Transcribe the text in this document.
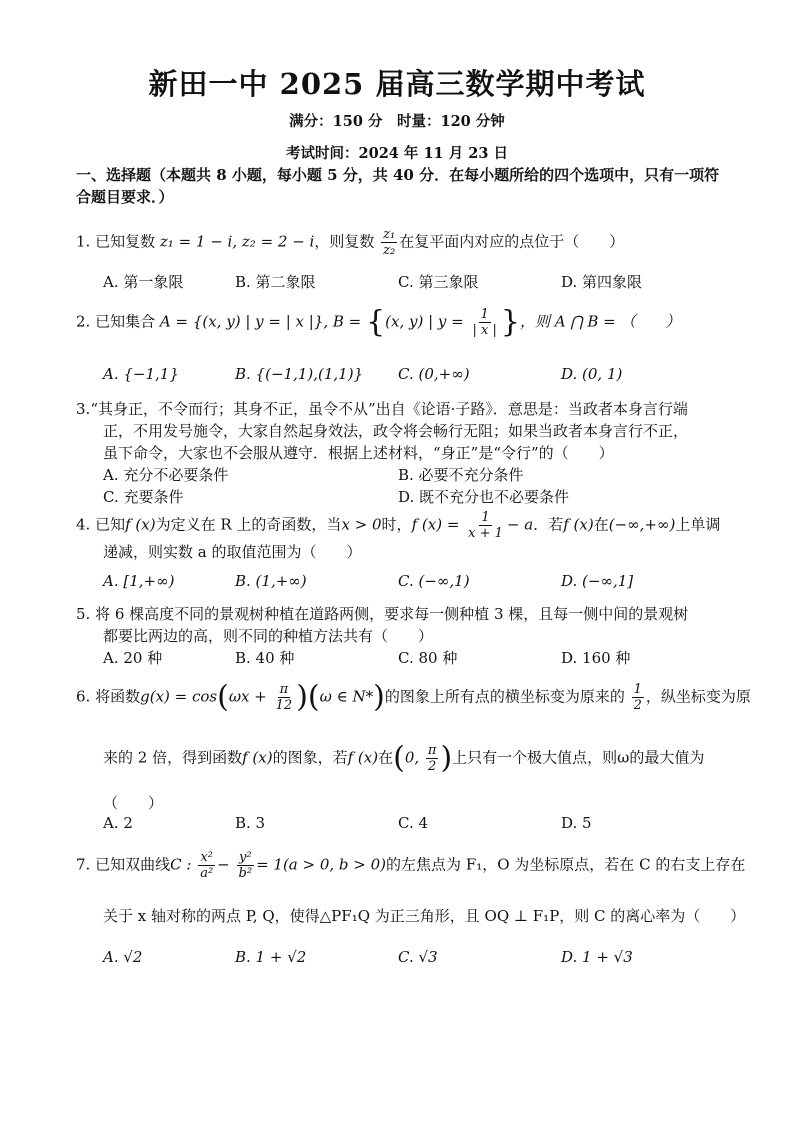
新田一中 2025 届高三数学期中考试
满分：150 分　时量：120 分钟
考试时间：2024 年 11 月 23 日
一、选择题（本题共 8 小题，每小题 5 分，共 40 分．在每小题所给的四个选项中，只有一项符合题目要求．）
1. 已知复数 z₁ = 1 − i, z₂ = 2 − i，则复数 $\frac{\text{z₁}}{\text{z₂}}$ 在复平面内对应的点位于（　　）
A. 第一象限	B. 第二象限	C. 第三象限	D. 第四象限
2. 已知集合 A = {(x, y) | y = | x |}, B = {(x, y) | $y = \frac{1}{| x |}$ }，则 A ⋂ B = （　　）
A. {−1,1}	B. {(−1,1),(1,1)} C. (0,+∞)	D. (0, 1)
3.“其身正，不令而行；其身不正，虽令不从”出自《论语·子路》．意思是：当政者本身言行端
正，不用发号施令，大家自然起身效法，政令将会畅行无阻；如果当政者本身言行不正，
虽下命令，大家也不会服从遵守．根据上述材料，“身正”是“令行”的（　　）
A. 充分不必要条件	B. 必要不充分条件
C. 充要条件	D. 既不充分也不必要条件
4. 已知f (x)为定义在 R 上的奇函数，当x > 0时，f $(x) = \frac{1}{x + 1} - a$．若f (x)在(−∞,+∞)上单调
递减，则实数 a 的取值范围为（　　）
A. [1,+∞)	B. (1,+∞)	C. (−∞,1)	D. (−∞,1]
5. 将 6 棵高度不同的景观树种植在道路两侧，要求每一侧种植 3 棵，且每一侧中间的景观树
都要比两边的高，则不同的种植方法共有（　　）
A. 20 种	B. 40 种	C. 80 种	D. 160 种
6. 将函数$g(x) = \cos(\omega x + \frac{\pi}{12} )(\omega$ ∈ N*)的图象上所有点的横坐标变为原来的 $\frac{1}{2}$ ，纵坐标变为原
来的 2 倍，得到函数f (x)的图象，若f (x)在(0, $\frac{\pi}{2}$ )上只有一个极大值点，则ω的最大值为
（　　）
A. 2	B. 3	C. 4	D. 5
7. 已知双曲线C : $\frac{\text{x²}}{\text{a²}} - \frac{\text{y²}}{\text{b²}} = 1(a > 0$, b > 0)的左焦点为 F₁，O 为坐标原点，若在 C 的右支上存在
关于 x 轴对称的两点 P, Q，使得△PF₁Q 为正三角形，且 OQ ⊥ F₁P，则 C 的离心率为（　　）
A. √2	B. 1 + √2	C. √3	D. 1 + √3
